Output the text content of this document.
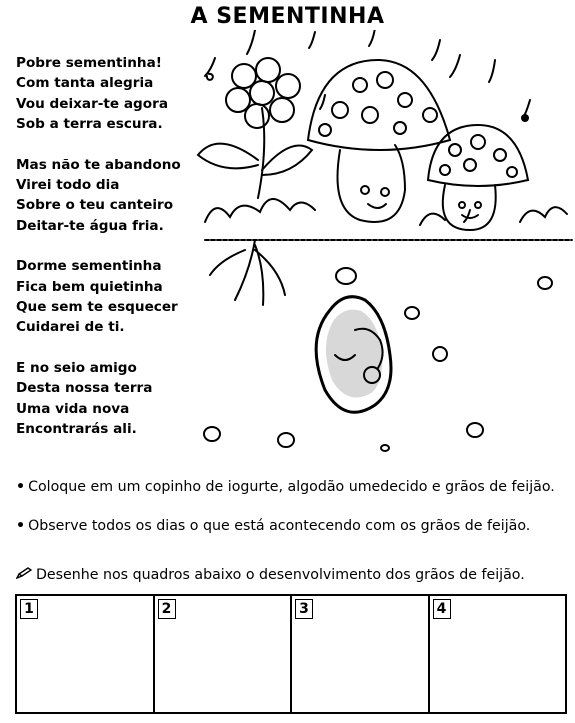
A SEMENTINHA
Pobre sementinha!
Com tanta alegria
Vou deixar-te agora
Sob a terra escura.
Mas não te abandono
Virei todo dia
Sobre o teu canteiro
Deitar-te água fria.
Dorme sementinha
Fica bem quietinha
Que sem te esquecer
Cuidarei de ti.
E no seio amigo
Desta nossa terra
Uma vida nova
Encontrarás ali.
• Coloque em um copinho de iogurte, algodão umedecido e grãos de feijão.
• Observe todos os dias o que está acontecendo com os grãos de feijão.
Desenhe nos quadros abaixo o desenvolvimento dos grãos de feijão.
1	2	3	4
